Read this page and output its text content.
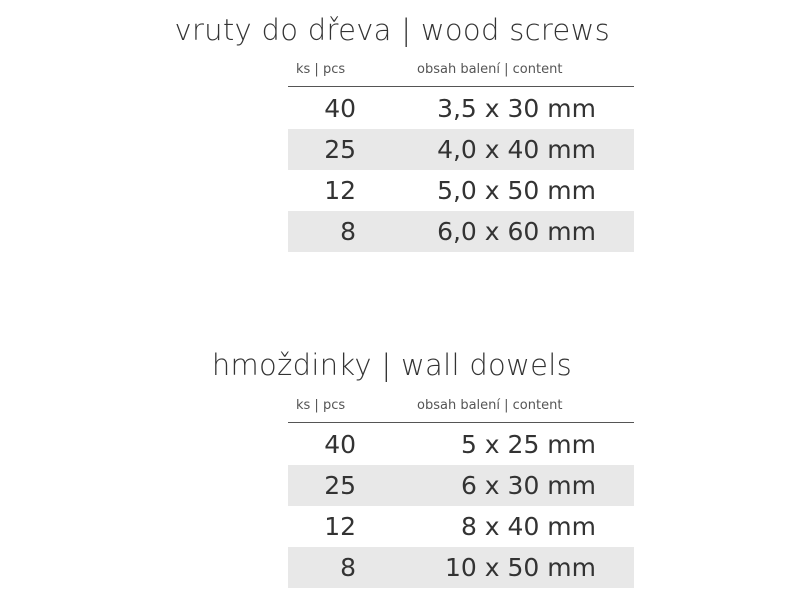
vruty do dřeva | wood screws
ks | pcs	obsah balení | content
40	3,5 x 30 mm
25	4,0 x 40 mm
12	5,0 x 50 mm
8	6,0 x 60 mm
hmoždinky | wall dowels
ks | pcs	obsah balení | content
40	5 x 25 mm
25	6 x 30 mm
12	8 x 40 mm
8	10 x 50 mm
